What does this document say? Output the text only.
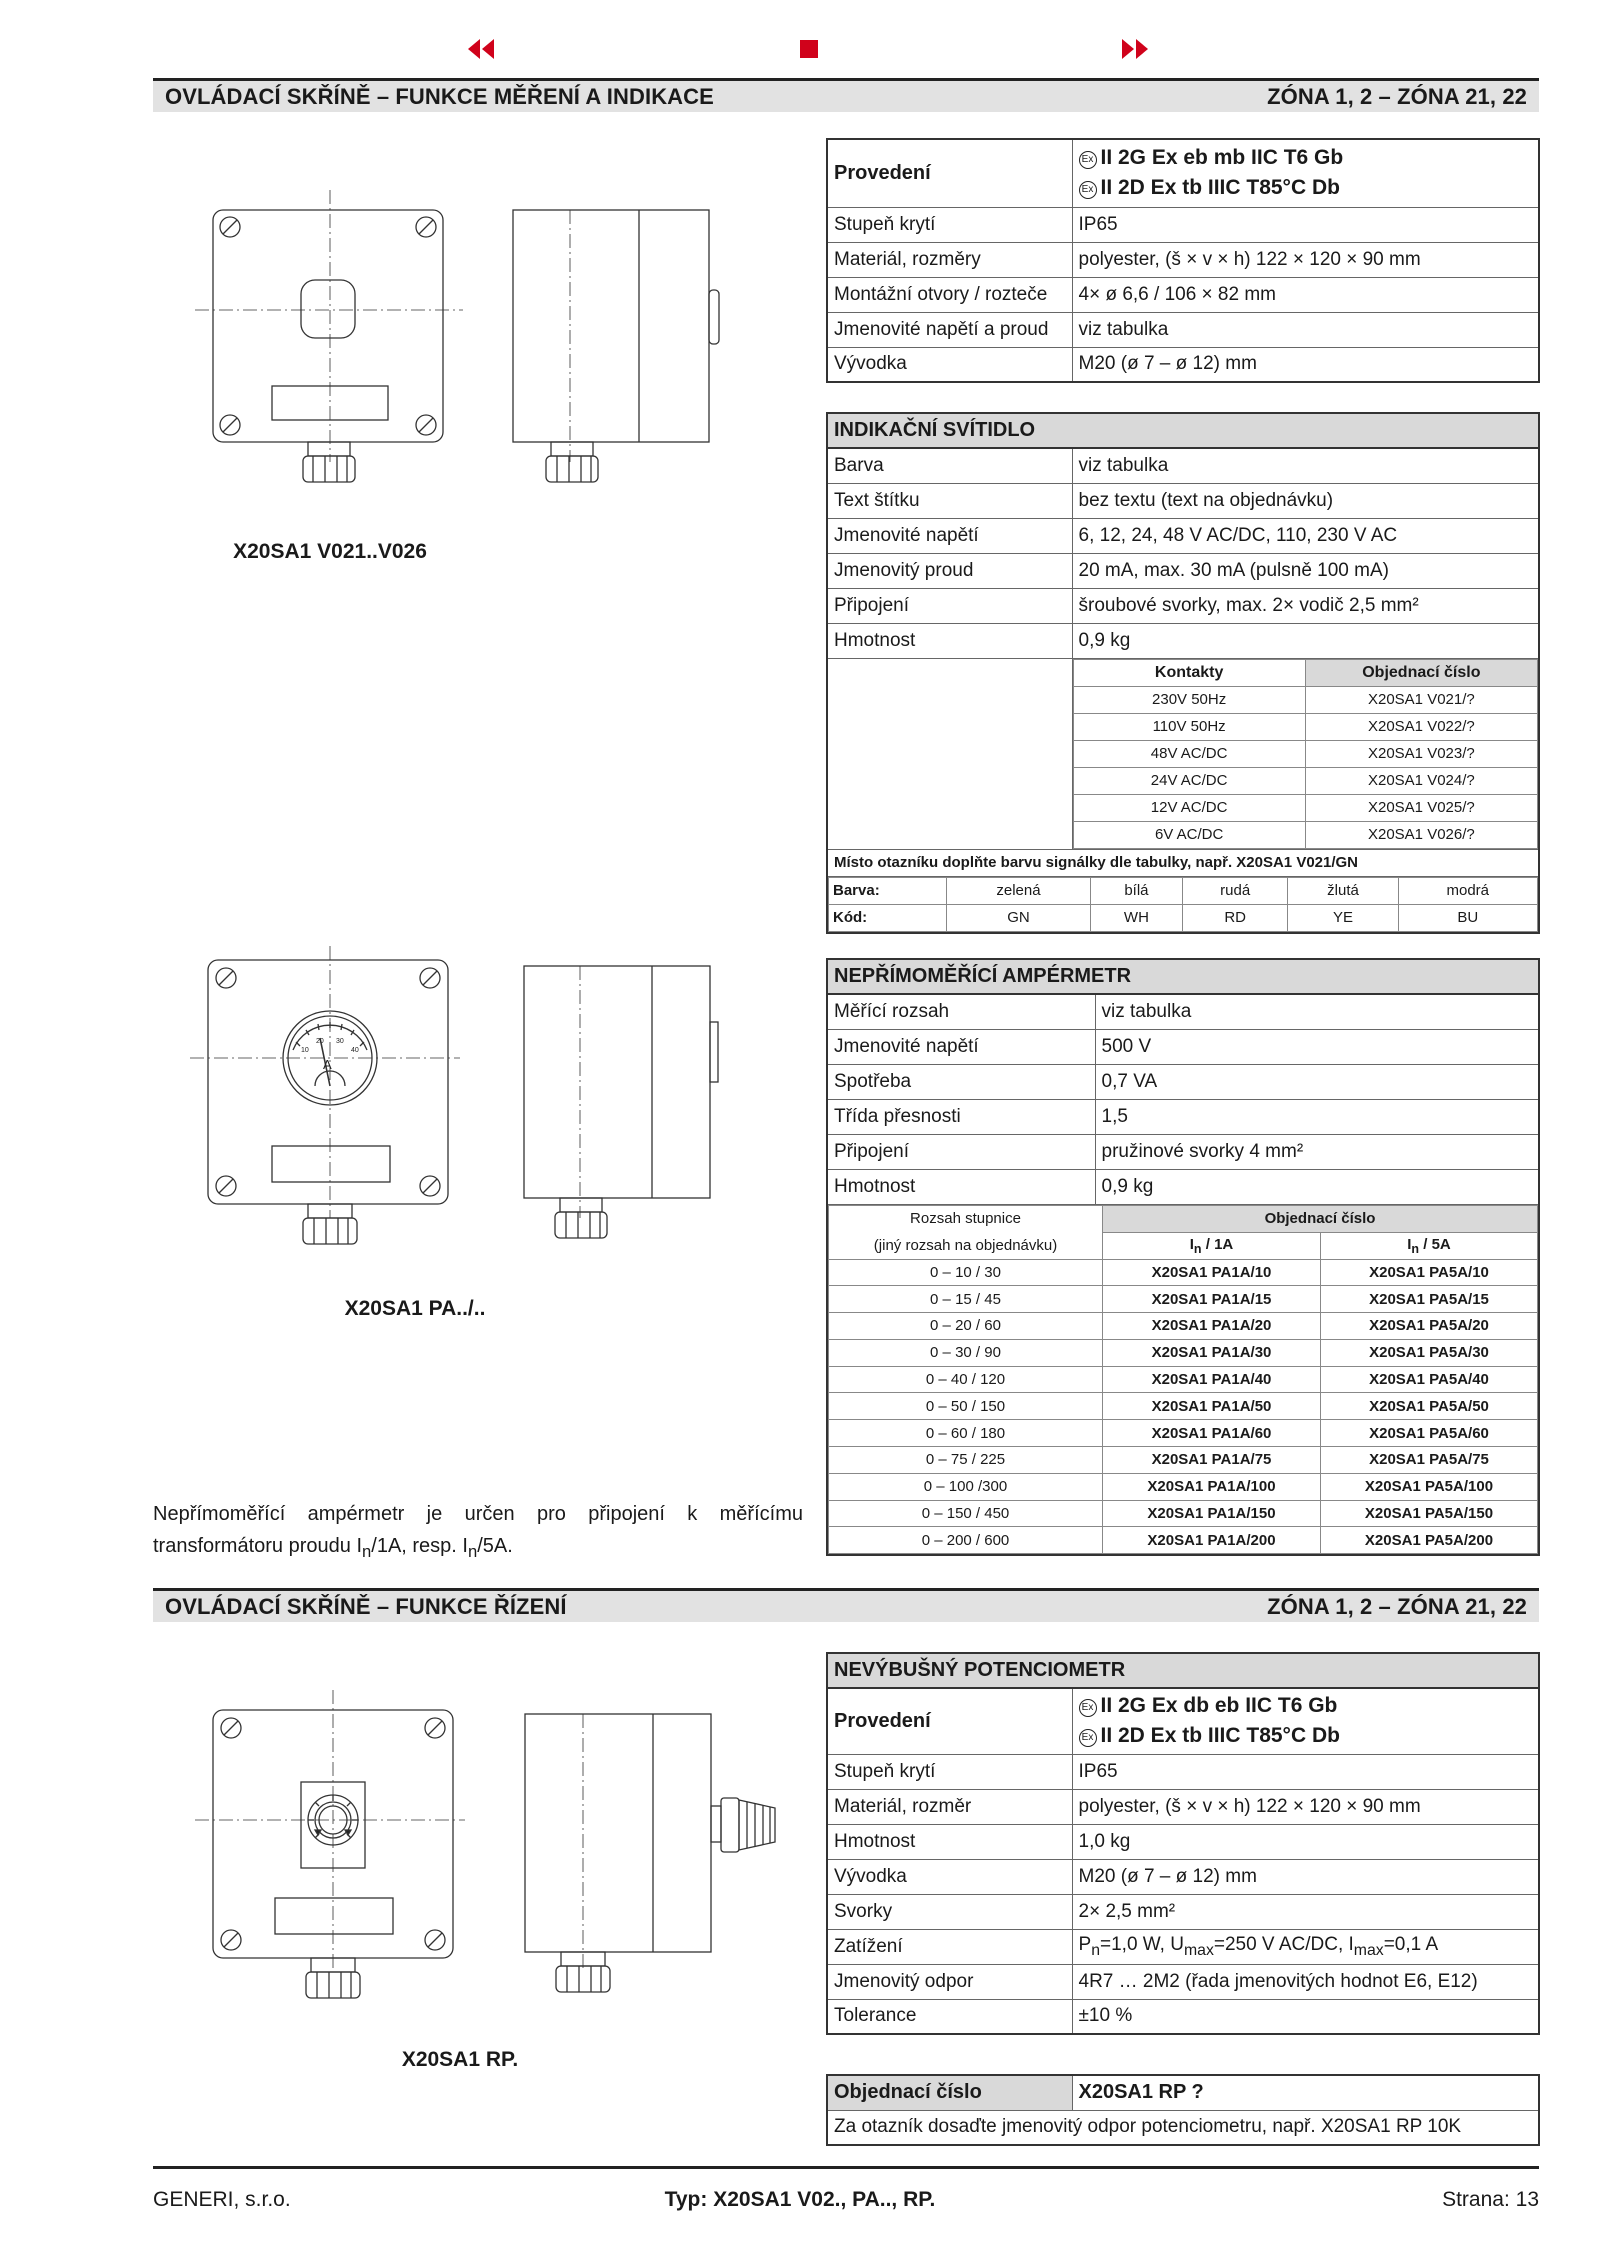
OVLÁDACÍ SKŘÍNĚ – FUNKCE MĚŘENÍ A INDIKACE	ZÓNA 1, 2 – ZÓNA 21, 22
Provedení	Ex II 2G Ex eb mb IIC T6 Gb
Ex II 2D Ex tb IIIC T85°C Db

Stupeň krytí	IP65
Materiál, rozměry	polyester, (š × v × h) 122 × 120 × 90 mm
Montážní otvory / rozteče	4× ø 6,6 / 106 × 82 mm
Jmenovité napětí a proud	viz tabulka
Vývodka	M20 (ø 7 – ø 12) mm
INDIKAČNÍ SVÍTIDLO
Barva	viz tabulka
Text štítku	bez textu (text na objednávku)
Jmenovité napětí	6, 12, 24, 48 V AC/DC, 110, 230 V AC
Jmenovitý proud	20 mA, max. 30 mA (pulsně 100 mA)
Připojení	šroubové svorky, max. 2× vodič 2,5 mm²
Hmotnost	0,9 kg

Kontakty	Objednací číslo
230V 50Hz	X20SA1 V021/?
110V 50Hz	X20SA1 V022/?
48V AC/DC	X20SA1 V023/?
24V AC/DC	X20SA1 V024/?
12V AC/DC	X20SA1 V025/?
6V AC/DC	X20SA1 V026/?

Místo otazníku doplňte barvu signálky dle tabulky, např. X20SA1 V021/GN

Barva:	zelená	bílá	rudá	žlutá	modrá
Kód:	GN	WH	RD	YE	BU
NEPŘÍMOMĚŘÍCÍ AMPÉRMETR
Měřící rozsah	viz tabulka
Jmenovité napětí	500 V
Spotřeba	0,7 VA
Třída přesnosti	1,5
Připojení	pružinové svorky 4 mm²
Hmotnost	0,9 kg

Rozsah stupnice	Objednací číslo
(jiný rozsah na objednávku)	$I_n / 1A$	$I_n / 5A$
0 – 10 / 30	X20SA1 PA1A/10	X20SA1 PA5A/10
0 – 15 / 45	X20SA1 PA1A/15	X20SA1 PA5A/15
0 – 20 / 60	X20SA1 PA1A/20	X20SA1 PA5A/20
0 – 30 / 90	X20SA1 PA1A/30	X20SA1 PA5A/30
0 – 40 / 120	X20SA1 PA1A/40	X20SA1 PA5A/40
0 – 50 / 150	X20SA1 PA1A/50	X20SA1 PA5A/50
0 – 60 / 180	X20SA1 PA1A/60	X20SA1 PA5A/60
0 – 75 / 225	X20SA1 PA1A/75	X20SA1 PA5A/75
0 – 100 /300	X20SA1 PA1A/100	X20SA1 PA5A/100
0 – 150 / 450	X20SA1 PA1A/150	X20SA1 PA5A/150
0 – 200 / 600	X20SA1 PA1A/200	X20SA1 PA5A/200
OVLÁDACÍ SKŘÍNĚ – FUNKCE ŘÍZENÍ	ZÓNA 1, 2 – ZÓNA 21, 22
NEVÝBUŠNÝ POTENCIOMETR	
Provedení	Ex II 2G Ex db eb IIC T6 Gb
Ex II 2D Ex tb IIIC T85°C Db

Stupeň krytí	IP65
Materiál, rozměr	polyester, (š × v × h) 122 × 120 × 90 mm
Hmotnost	1,0 kg
Vývodka	M20 (ø 7 – ø 12) mm
Svorky	2× 2,5 mm²
Zatížení	$P_n=1,0$ W, $U_{max}=250$ V AC/DC, $I_{max}=0,1$ A
Jmenovitý odpor	4R7 … 2M2 (řada jmenovitých hodnot E6, E12)
Tolerance	±10 %
Objednací číslo	X20SA1 RP ?
Za otazník dosaďte jmenovitý odpor potenciometru, např. X20SA1 RP 10K
X20SA1 V021..V026
A
10
20 30
40
X20SA1 PA../..
Nepřímoměřící ampérmetr je určen pro připojení k měřícímu transformátoru proudu $I_n/1A$, resp. $I_n/5A$.
X20SA1 RP.
GENERI, s.r.o.	Typ: X20SA1 V02., PA.., RP.	Strana: 13
